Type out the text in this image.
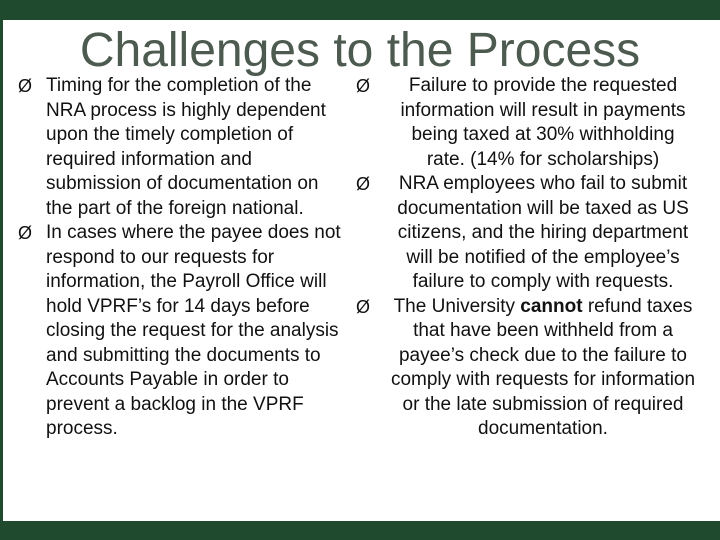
Challenges to the Process
Ø Timing for the completion of the NRA process is highly dependent upon the timely completion of required information and submission of documentation on the part of the foreign national.
Ø In cases where the payee does not respond to our requests for information, the Payroll Office will hold VPRF’s for 14 days before closing the request for the analysis and submitting the documents to Accounts Payable in order to prevent a backlog in the VPRF process.
Ø	Failure to provide the requested information will result in payments being taxed at 30% withholding rate. (14% for scholarships)
Ø	NRA employees who fail to submit documentation will be taxed as US citizens, and the hiring department will be notified of the employee’s failure to comply with requests.
Ø The University cannot refund taxes that have been withheld from a payee’s check due to the failure to comply with requests for information or the late submission of required documentation.
